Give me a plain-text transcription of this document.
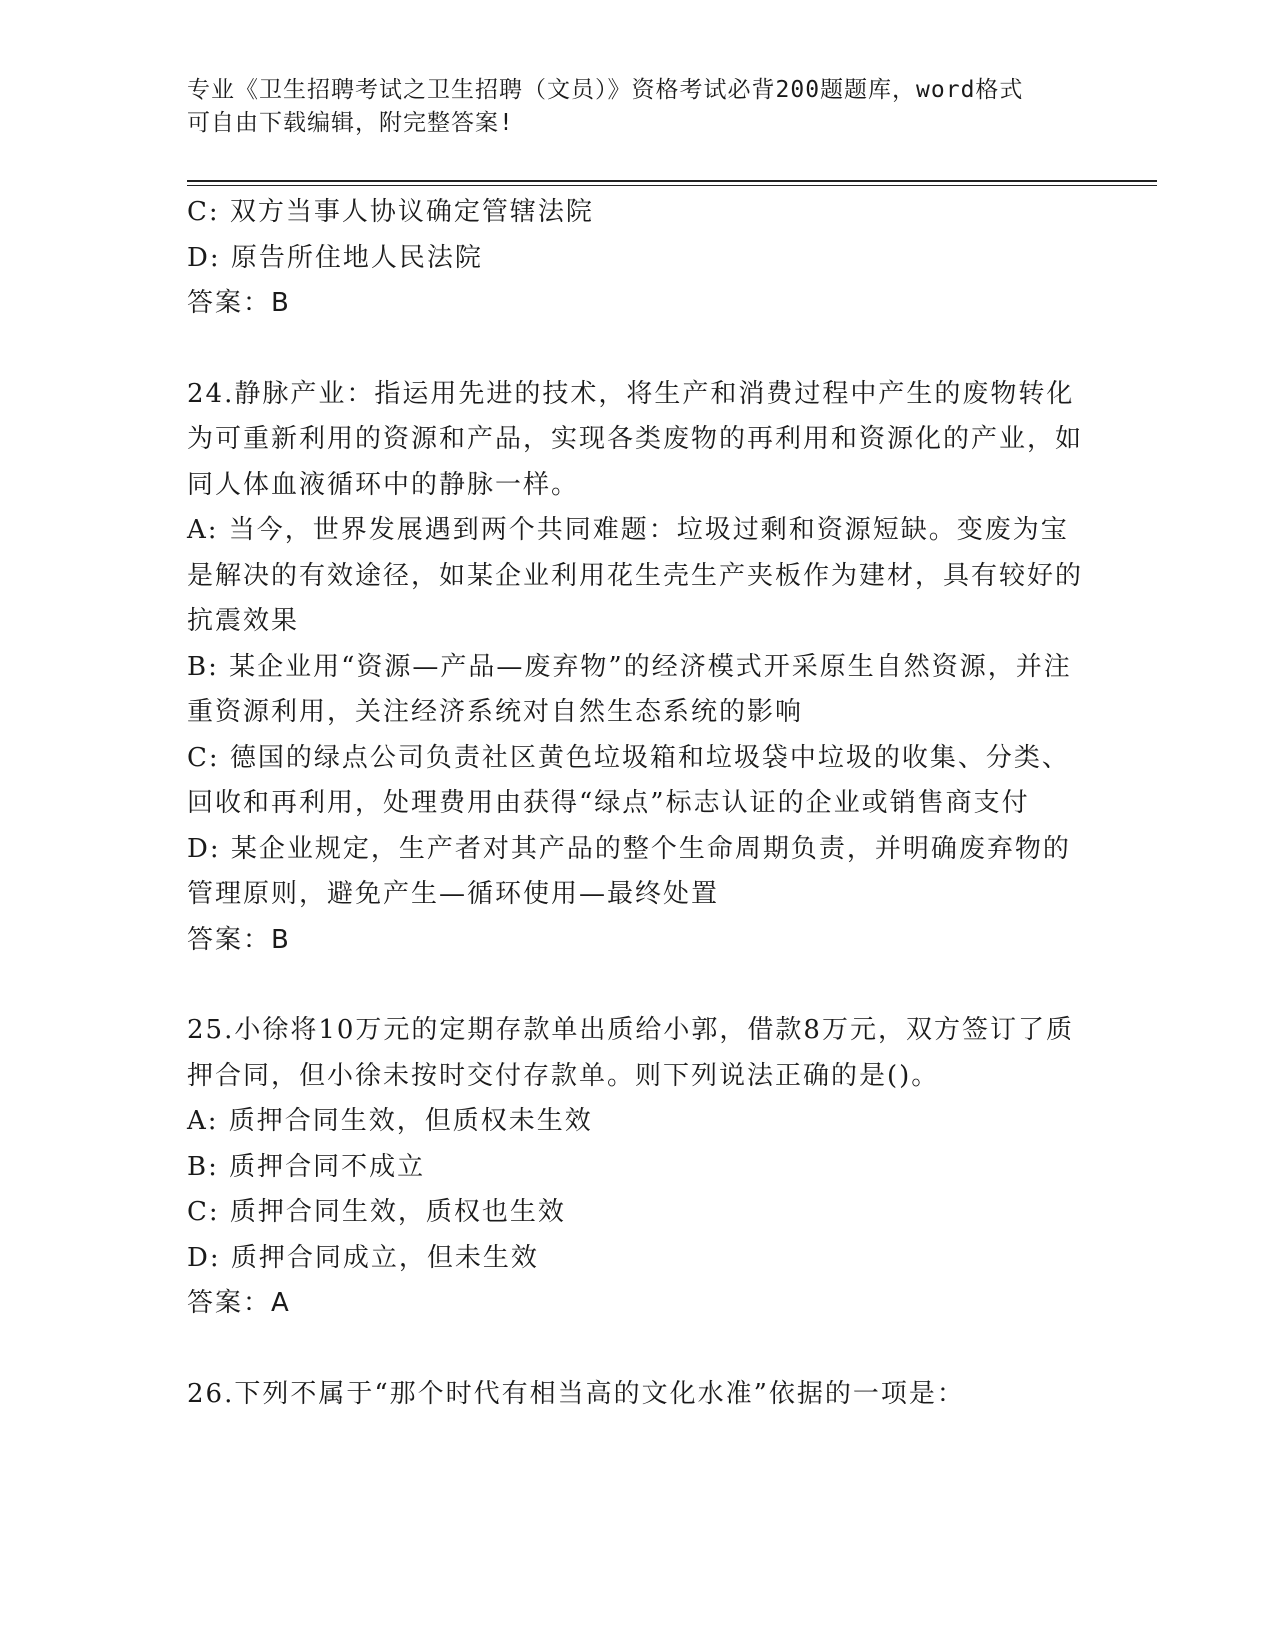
专业《卫生招聘考试之卫生招聘（文员）》资格考试必背200题题库，word格式
可自由下载编辑，附完整答案!

C: 双方当事人协议确定管辖法院

D: 原告所住地人民法院

答案：B

24.静脉产业：指运用先进的技术，将生产和消费过程中产生的废物转化为可重新利用的资源和产品，实现各类废物的再利用和资源化的产业，如同人体血液循环中的静脉一样。

A: 当今，世界发展遇到两个共同难题：垃圾过剩和资源短缺。变废为宝是解决的有效途径，如某企业利用花生壳生产夹板作为建材，具有较好的抗震效果

B: 某企业用“资源—产品—废弃物”的经济模式开采原生自然资源，并注重资源利用，关注经济系统对自然生态系统的影响

C: 德国的绿点公司负责社区黄色垃圾箱和垃圾袋中垃圾的收集、分类、回收和再利用，处理费用由获得“绿点”标志认证的企业或销售商支付

D: 某企业规定，生产者对其产品的整个生命周期负责，并明确废弃物的管理原则，避免产生—循环使用—最终处置

答案：B

25.小徐将10万元的定期存款单出质给小郭，借款8万元，双方签订了质押合同，但小徐未按时交付存款单。则下列说法正确的是()。

A: 质押合同生效，但质权未生效

B: 质押合同不成立

C: 质押合同生效，质权也生效

D: 质押合同成立，但未生效

答案：A

26.下列不属于“那个时代有相当高的文化水准”依据的一项是：
